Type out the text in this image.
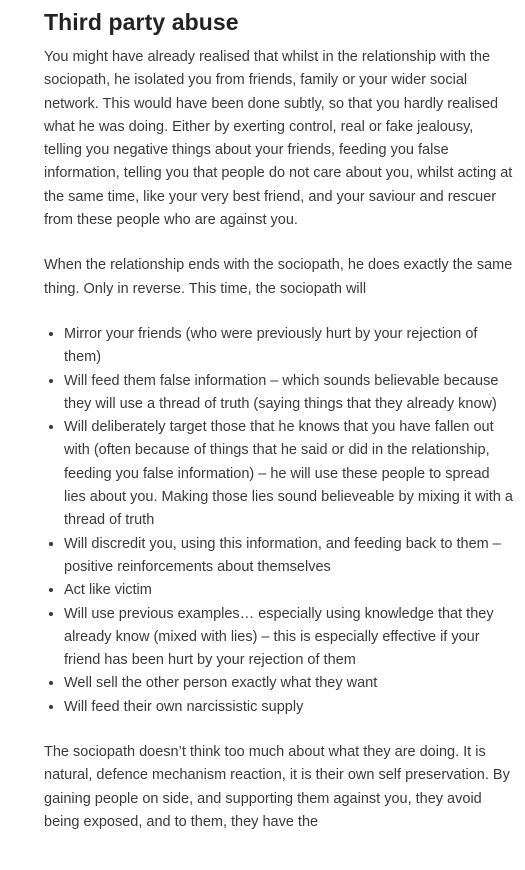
Third party abuse

You might have already realised that whilst in the relationship with the sociopath, he isolated you from friends, family or your wider social network. This would have been done subtly, so that you hardly realised what he was doing. Either by exerting control, real or fake jealousy, telling you negative things about your friends, feeding you false information, telling you that people do not care about you, whilst acting at the same time, like your very best friend, and your saviour and rescuer from these people who are against you.

When the relationship ends with the sociopath, he does exactly the same thing. Only in reverse. This time, the sociopath will

• Mirror your friends (who were previously hurt by your rejection of them)
• Will feed them false information – which sounds believable because they will use a thread of truth (saying things that they already know)
• Will deliberately target those that he knows that you have fallen out with (often because of things that he said or did in the relationship, feeding you false information) – he will use these people to spread lies about you. Making those lies sound believeable by mixing it with a thread of truth
• Will discredit you, using this information, and feeding back to them – positive reinforcements about themselves
• Act like victim
• Will use previous examples… especially using knowledge that they already know (mixed with lies) – this is especially effective if your friend has been hurt by your rejection of them
• Well sell the other person exactly what they want
• Will feed their own narcissistic supply

The sociopath doesn’t think too much about what they are doing. It is natural, defence mechanism reaction, it is their own self preservation. By gaining people on side, and supporting them against you, they avoid being exposed, and to them, they have the
